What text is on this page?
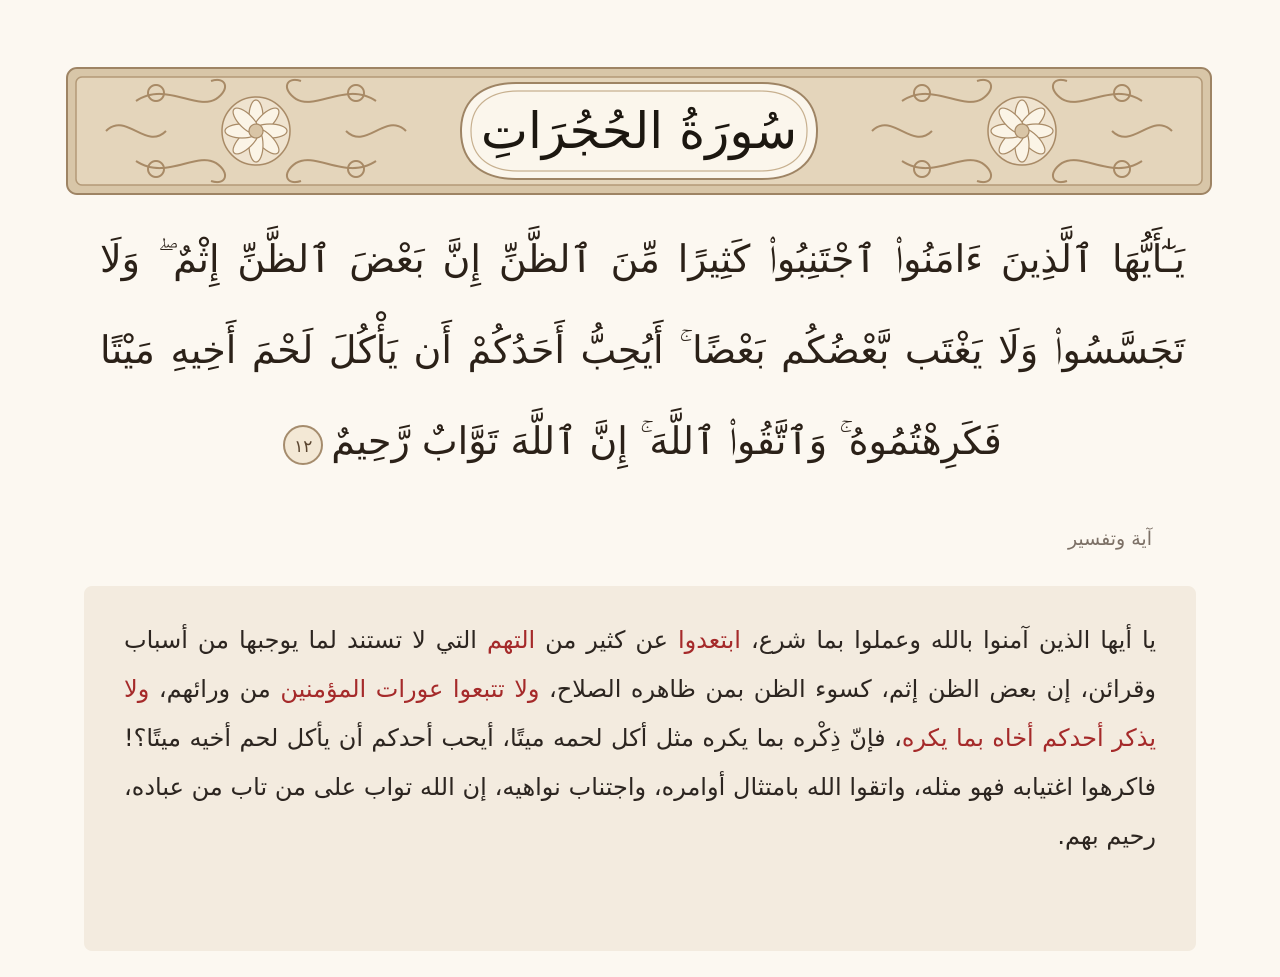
سُورَةُ الحُجُرَاتِ

يَـٰٓأَيُّهَا ٱلَّذِينَ ءَامَنُوا۟ ٱجْتَنِبُوا۟ كَثِيرًا مِّنَ ٱلظَّنِّ إِنَّ بَعْضَ ٱلظَّنِّ إِثْمٌ ۖ وَلَا تَجَسَّسُوا۟ وَلَا يَغْتَب بَّعْضُكُم بَعْضًا ۚ أَيُحِبُّ أَحَدُكُمْ أَن يَأْكُلَ لَحْمَ أَخِيهِ مَيْتًا فَكَرِهْتُمُوهُ ۚ وَٱتَّقُوا۟ ٱللَّهَ ۚ إِنَّ ٱللَّهَ تَوَّابٌ رَّحِيمٌ١٢

آية وتفسير

يا أيها الذين آمنوا بالله وعملوا بما شرع، ابتعدوا عن كثير من التهم التي لا تستند لما يوجبها من أسباب وقرائن، إن بعض الظن إثم، كسوء الظن بمن ظاهره الصلاح، ولا تتبعوا عورات المؤمنين من ورائهم، ولا يذكر أحدكم أخاه بما يكره، فإنّ ذِكْره بما يكره مثل أكل لحمه ميتًا، أيحب أحدكم أن يأكل لحم أخيه ميتًا؟! فاكرهوا اغتيابه فهو مثله، واتقوا الله بامتثال أوامره، واجتناب نواهيه، إن الله تواب على من تاب من عباده، رحيم بهم.
